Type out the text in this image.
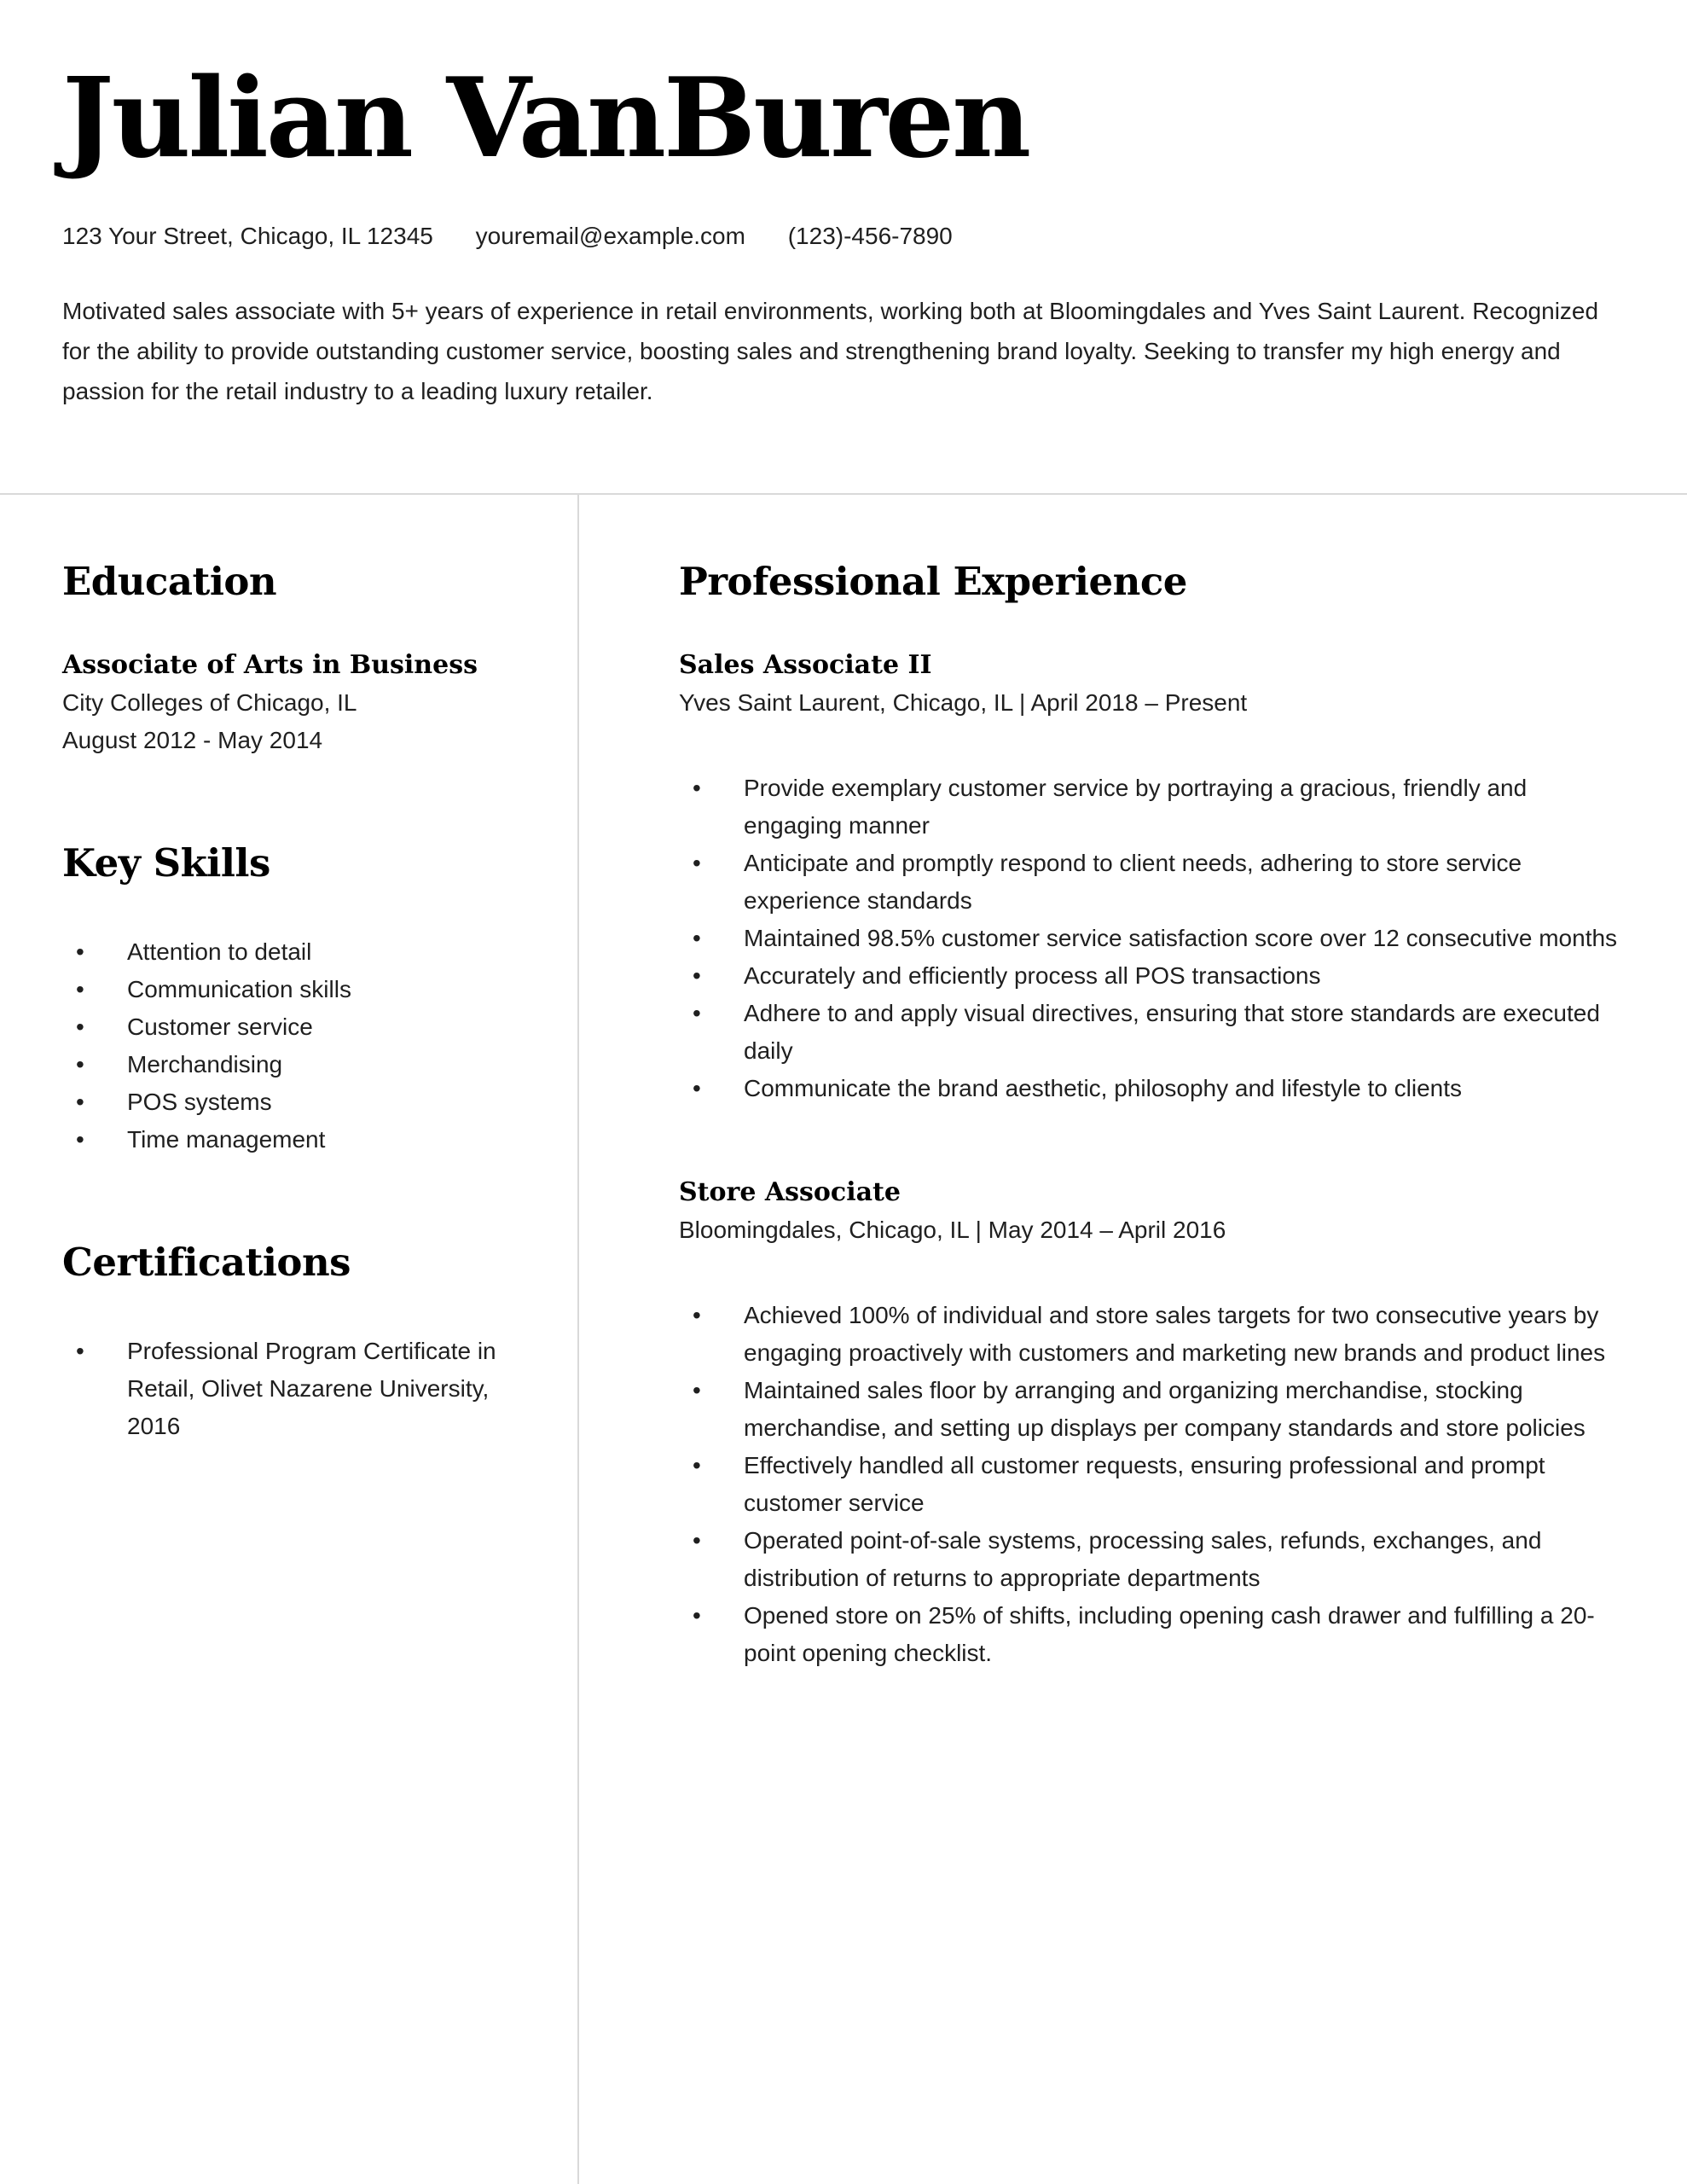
Julian VanBuren
123 Your Street, Chicago, IL 12345 youremail@example.com (123)-456-7890
Motivated sales associate with 5+ years of experience in retail environments, working both at Bloomingdales and Yves Saint Laurent. Recognized for the ability to provide outstanding customer service, boosting sales and strengthening brand loyalty. Seeking to transfer my high energy and passion for the retail industry to a leading luxury retailer.
Education
Associate of Arts in Business
City Colleges of Chicago, IL
August 2012 - May 2014
Key Skills
•	Attention to detail
•	Communication skills
•	Customer service
•	Merchandising
•	POS systems
•	Time management
Certifications
•	Professional Program Certificate in Retail, Olivet Nazarene University, 2016
Professional Experience
Sales Associate II
Yves Saint Laurent, Chicago, IL | April 2018 – Present
•	Provide exemplary customer service by portraying a gracious, friendly and engaging manner
•	Anticipate and promptly respond to client needs, adhering to store service experience standards
•	Maintained 98.5% customer service satisfaction score over 12 consecutive months
•	Accurately and efficiently process all POS transactions
•	Adhere to and apply visual directives, ensuring that store standards are executed daily
•	Communicate the brand aesthetic, philosophy and lifestyle to clients
Store Associate
Bloomingdales, Chicago, IL | May 2014 – April 2016
•	Achieved 100% of individual and store sales targets for two consecutive years by engaging proactively with customers and marketing new brands and product lines
•	Maintained sales floor by arranging and organizing merchandise, stocking merchandise, and setting up displays per company standards and store policies
•	Effectively handled all customer requests, ensuring professional and prompt customer service
•	Operated point-of-sale systems, processing sales, refunds, exchanges, and distribution of returns to appropriate departments
•	Opened store on 25% of shifts, including opening cash drawer and fulfilling a 20-point opening checklist.
